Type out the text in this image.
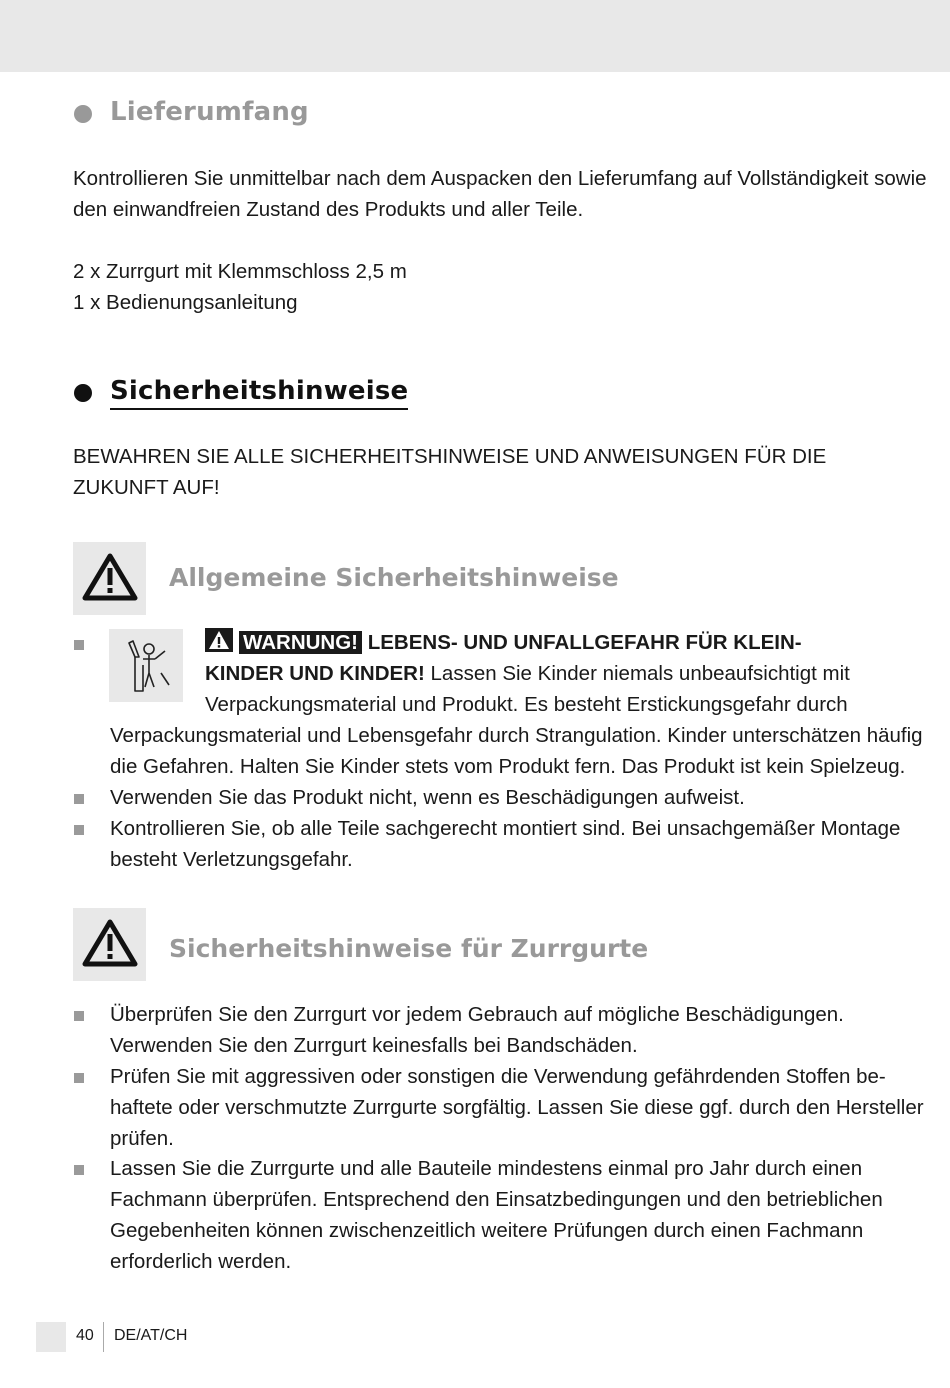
Lieferumfang
Kontrollieren Sie unmittelbar nach dem Auspacken den Lieferumfang auf Vollständigkeit sowie
den einwandfreien Zustand des Produkts und aller Teile.
2 x Zurrgurt mit Klemmschloss 2,5 m
1 x Bedienungsanleitung
Sicherheitshinweise
BEWAHREN SIE ALLE SICHERHEITSHINWEISE UND ANWEISUNGEN FÜR DIE
ZUKUNFT AUF!
Allgemeine Sicherheitshinweise
WARNUNG! LEBENS- UND UNFALLGEFAHR FÜR KLEIN-
KINDER UND KINDER! Lassen Sie Kinder niemals unbeaufsichtigt mit
Verpackungsmaterial und Produkt. Es besteht Erstickungsgefahr durch
Verpackungsmaterial und Lebensgefahr durch Strangulation. Kinder unterschätzen häufig
die Gefahren. Halten Sie Kinder stets vom Produkt fern. Das Produkt ist kein Spielzeug.
Verwenden Sie das Produkt nicht, wenn es Beschädigungen aufweist.
Kontrollieren Sie, ob alle Teile sachgerecht montiert sind. Bei unsachgemäßer Montage
besteht Verletzungsgefahr.
Sicherheitshinweise für Zurrgurte
Überprüfen Sie den Zurrgurt vor jedem Gebrauch auf mögliche Beschädigungen.
Verwenden Sie den Zurrgurt keinesfalls bei Bandschäden.
Prüfen Sie mit aggressiven oder sonstigen die Verwendung gefährdenden Stoffen be-
haftete oder verschmutzte Zurrgurte sorgfältig. Lassen Sie diese ggf. durch den Hersteller
prüfen.
Lassen Sie die Zurrgurte und alle Bauteile mindestens einmal pro Jahr durch einen
Fachmann überprüfen. Entsprechend den Einsatzbedingungen und den betrieblichen
Gegebenheiten können zwischenzeitlich weitere Prüfungen durch einen Fachmann
erforderlich werden.
40 DE/AT/CH
